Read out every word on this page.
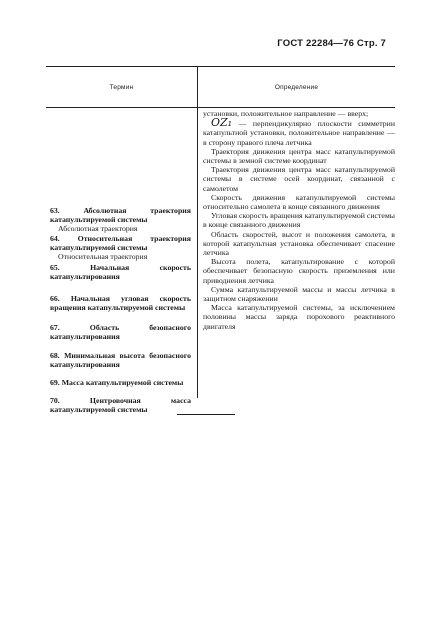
ГОСТ 22284—76 Стр. 7
Термин	Определение
63. Абсолютная траектория катапультируемой системы
Абсолютная траектория
64. Относительная траектория катапультируемой системы
Относительная траектория
65. Начальная скорость катапультирования
66. Начальная угловая скорость вращения катапультируемой системы
67. Область безопасного катапультирования
68. Минимальная высота безопасного катапультирования
69. Масса катапультируемой системы
70. Центровочная масса катапультируемой системы
установки, положительное направление — вверх;
OZ₁ — перпендикулярно плоскости симметрии катапультной установки, положительное направление — в сторону правого плеча летчика
Траектория движения центра масс катапультируемой системы в земной системе координат
Траектория движения центра масс катапультируемой системы в системе осей координат, связанной с самолетом
Скорость движения катапультируемой системы относительно самолета в конце связанного движения
Угловая скорость вращения катапультируемой системы в конце связанного движения
Область скоростей, высот и положения самолета, в которой катапультная установка обеспечивает спасение летчика
Высота полета, катапультирование с которой обеспечивает безопасную скорость приземления или приводнения летчика
Сумма катапультируемой массы и массы летчика в защитном снаряжении
Масса катапультируемой системы, за исключением половины массы заряда порохового реактивного двигателя
